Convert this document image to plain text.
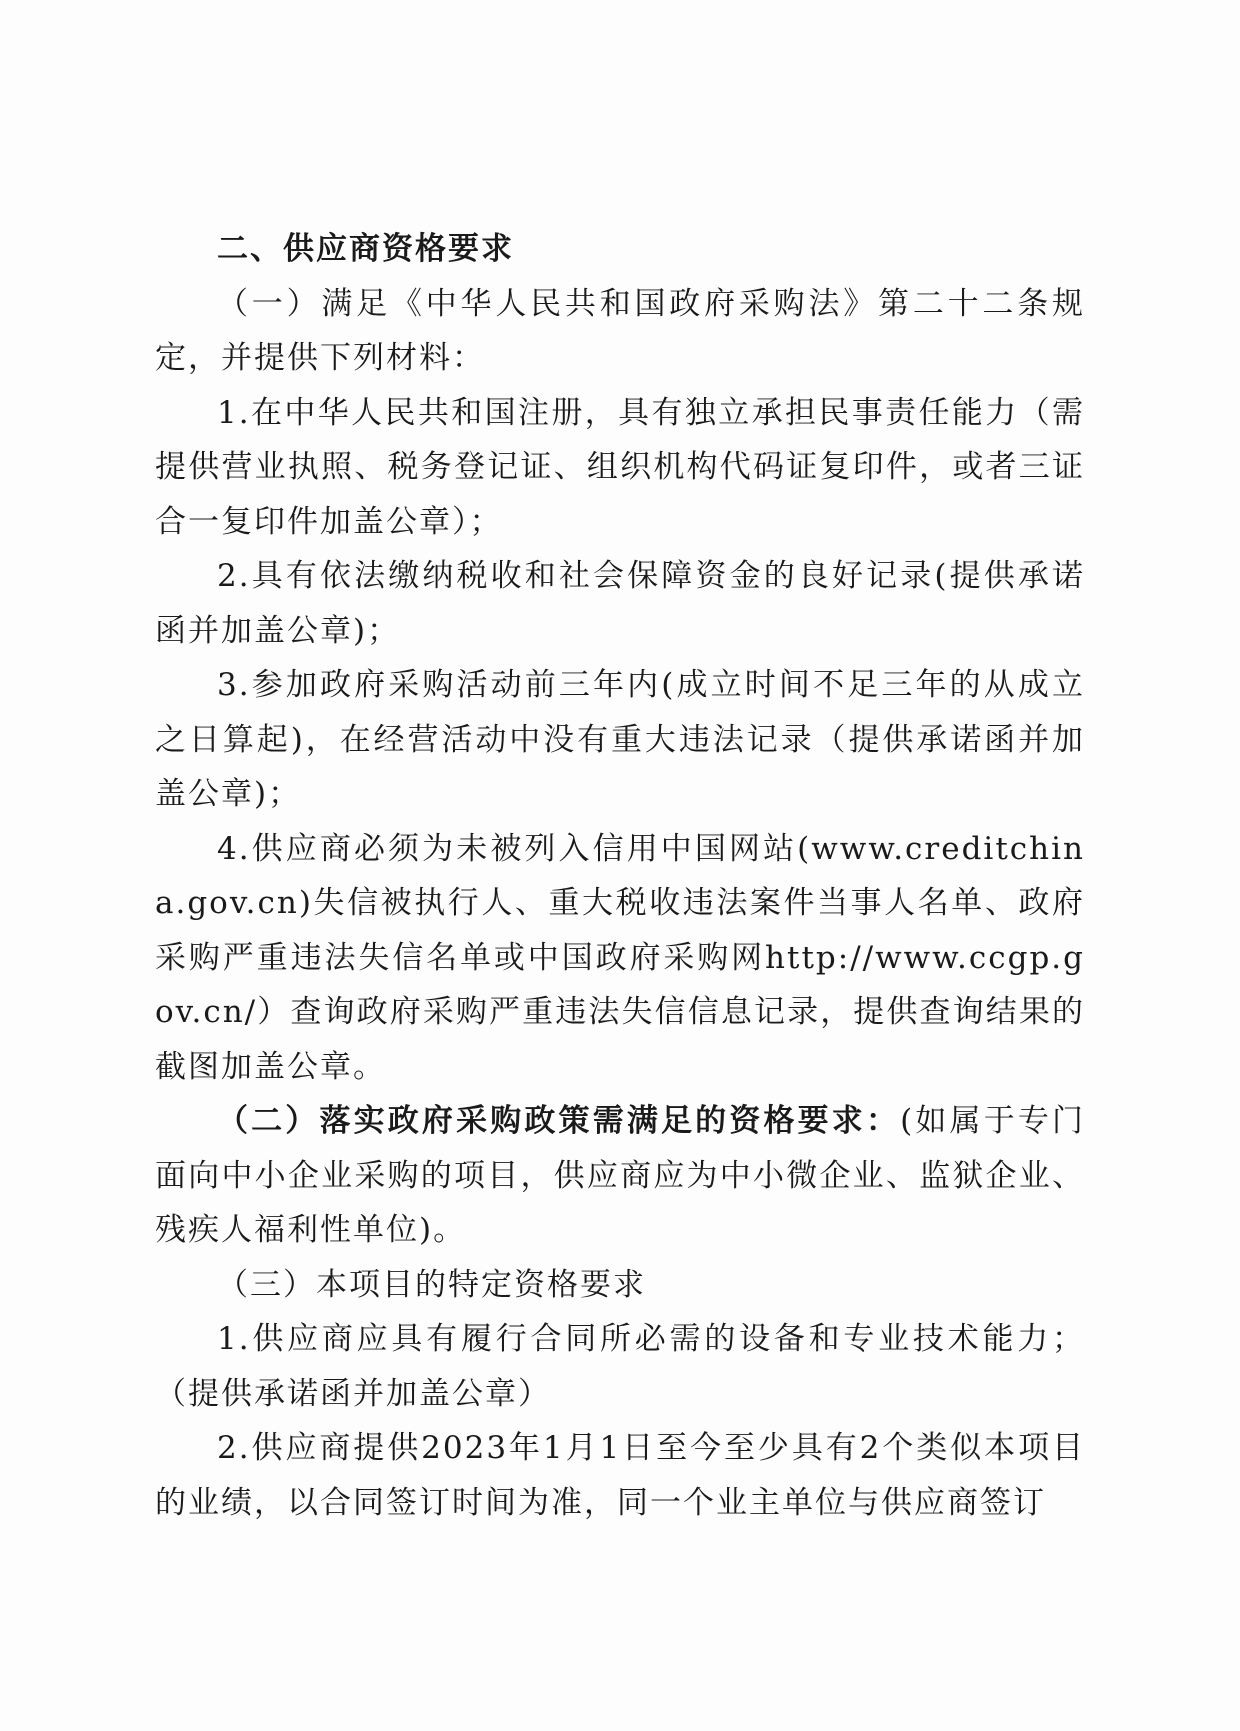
二、供应商资格要求

（一）满足《中华人民共和国政府采购法》第二十二条规定，并提供下列材料：

1.在中华人民共和国注册，具有独立承担民事责任能力（需提供营业执照、税务登记证、组织机构代码证复印件，或者三证合一复印件加盖公章）；

2.具有依法缴纳税收和社会保障资金的良好记录(提供承诺函并加盖公章)；

3.参加政府采购活动前三年内(成立时间不足三年的从成立之日算起)，在经营活动中没有重大违法记录（提供承诺函并加盖公章)；

4.供应商必须为未被列入信用中国网站(www.creditchina.gov.cn)失信被执行人、重大税收违法案件当事人名单、政府采购严重违法失信名单或中国政府采购网http://www.ccgp.gov.cn/）查询政府采购严重违法失信信息记录，提供查询结果的截图加盖公章。

（二）落实政府采购政策需满足的资格要求：(如属于专门面向中小企业采购的项目，供应商应为中小微企业、监狱企业、残疾人福利性单位)。

（三）本项目的特定资格要求

1.供应商应具有履行合同所必需的设备和专业技术能力；（提供承诺函并加盖公章）

2.供应商提供2023年1月1日至今至少具有2个类似本项目的业绩，以合同签订时间为准，同一个业主单位与供应商签订
